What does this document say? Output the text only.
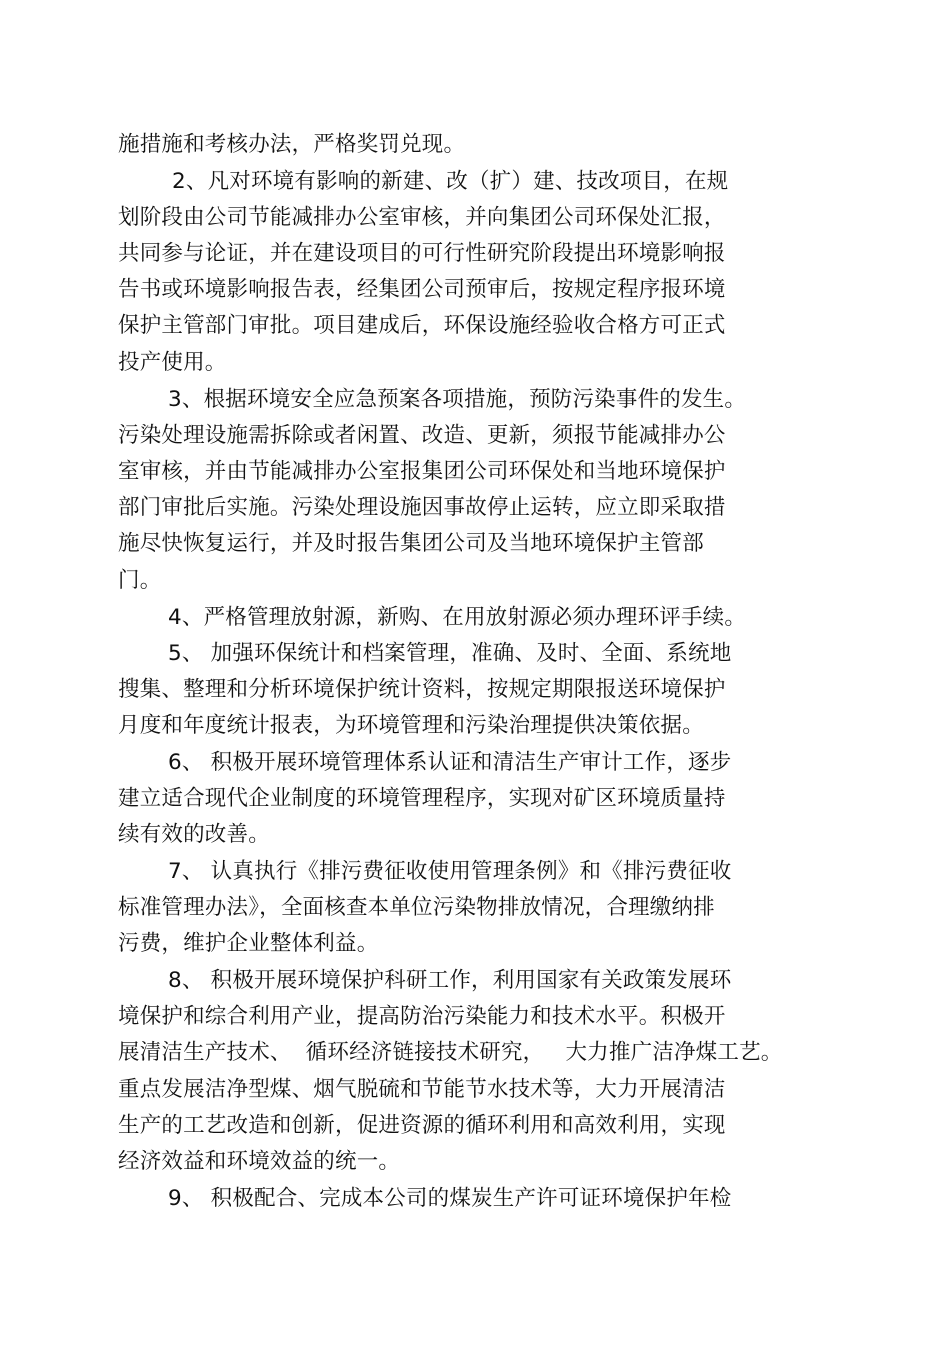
施措施和考核办法，严格奖罚兑现。
2、凡对环境有影响的新建、改（扩）建、技改项目，在规
划阶段由公司节能减排办公室审核，并向集团公司环保处汇报，
共同参与论证，并在建设项目的可行性研究阶段提出环境影响报
告书或环境影响报告表，经集团公司预审后，按规定程序报环境
保护主管部门审批。项目建成后，环保设施经验收合格方可正式
投产使用。
3、根据环境安全应急预案各项措施，预防污染事件的发生。
污染处理设施需拆除或者闲置、改造、更新，须报节能减排办公
室审核，并由节能减排办公室报集团公司环保处和当地环境保护
部门审批后实施。污染处理设施因事故停止运转，应立即采取措
施尽快恢复运行，并及时报告集团公司及当地环境保护主管部
门。
4、严格管理放射源，新购、在用放射源必须办理环评手续。
5、 加强环保统计和档案管理，准确、及时、全面、系统地
搜集、整理和分析环境保护统计资料，按规定期限报送环境保护
月度和年度统计报表，为环境管理和污染治理提供决策依据。
6、 积极开展环境管理体系认证和清洁生产审计工作，逐步
建立适合现代企业制度的环境管理程序，实现对矿区环境质量持
续有效的改善。
7、 认真执行《排污费征收使用管理条例》和《排污费征收
标准管理办法》，全面核查本单位污染物排放情况，合理缴纳排
污费，维护企业整体利益。
8、 积极开展环境保护科研工作，利用国家有关政策发展环
境保护和综合利用产业，提高防治污染能力和技术水平。积极开
展清洁生产技术、  循环经济链接技术研究，   大力推广洁净煤工艺。
重点发展洁净型煤、烟气脱硫和节能节水技术等，大力开展清洁
生产的工艺改造和创新，促进资源的循环利用和高效利用，实现
经济效益和环境效益的统一。
9、 积极配合、完成本公司的煤炭生产许可证环境保护年检
